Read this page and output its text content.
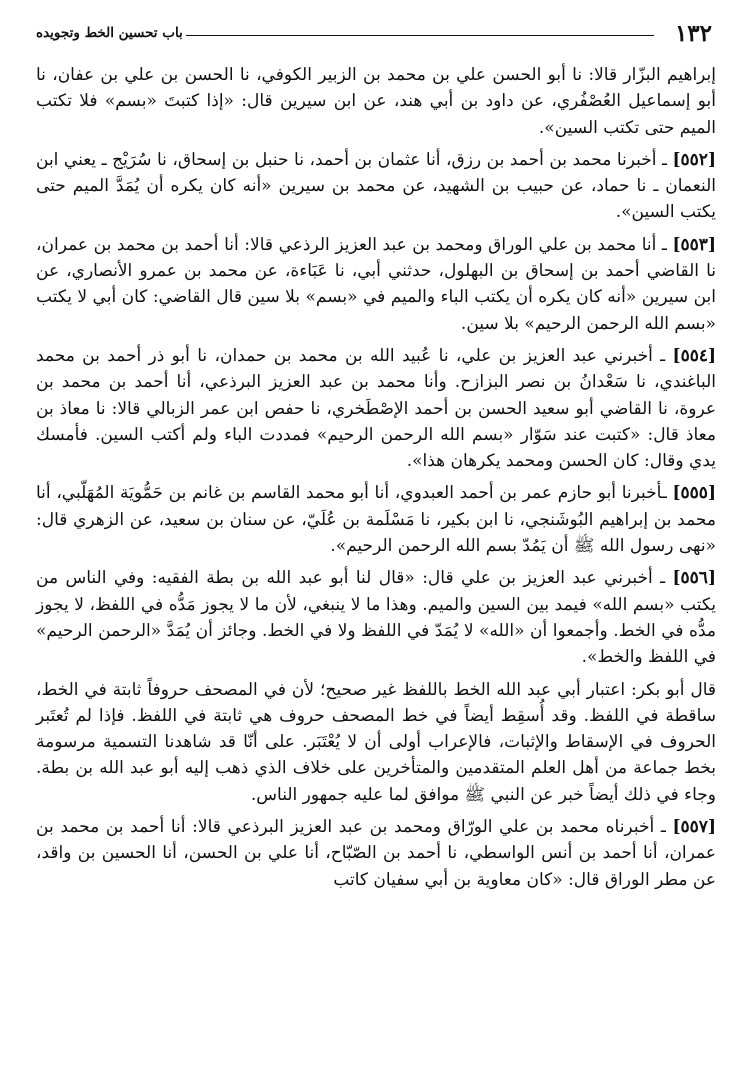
١٣٢
باب تحسين الخط وتجويده

إبراهيم البزّار قالا: نا أبو الحسن علي بن محمد بن الزبير الكوفي، نا الحسن بن علي بن عفان، نا أبو إسماعيل العُصْفُري، عن داود بن أبي هند، عن ابن سيرين قال: «إذا كتبتَ «بسم» فلا تكتب الميم حتى تكتب السين».

[٥٥٢] ـ أخبرنا محمد بن أحمد بن رزق، أنا عثمان بن أحمد، نا حنبل بن إسحاق، نا سُرَيْج ـ يعني ابن النعمان ـ نا حماد، عن حبيب بن الشهيد، عن محمد بن سيرين «أنه كان يكره أن يُمَدَّ الميم حتى يكتب السين».

[٥٥٣] ـ أنا محمد بن علي الوراق ومحمد بن عبد العزيز الرذعي قالا: أنا أحمد بن محمد بن عمران، نا القاضي أحمد بن إسحاق بن البهلول، حدثني أبي، نا عَبَاءة، عن محمد بن عمرو الأنصاري، عن ابن سيرين «أنه كان يكره أن يكتب الباء والميم في «بسم» بلا سين قال القاضي: كان أبي لا يكتب «بسم الله الرحمن الرحيم» بلا سين.

[٥٥٤] ـ أخبرني عبد العزيز بن علي، نا عُبيد الله بن محمد بن حمدان، نا أبو ذر أحمد بن محمد الباغندي، نا سَعْدانُ بن نصر البزازح. وأنا محمد بن عبد العزيز البرذعي، أنا أحمد بن محمد بن عروة، نا القاضي أبو سعيد الحسن بن أحمد الإصْطَخري، نا حفص ابن عمر الزبالي قالا: نا معاذ بن معاذ قال: «كتبت عند سَوّار «بسم الله الرحمن الرحيم» فمددت الباء ولم أكتب السين. فأمسك يدي وقال: كان الحسن ومحمد يكرهان هذا».

[٥٥٥] ـأخبرنا أبو حازم عمر بن أحمد العبدوي، أنا أبو محمد القاسم بن غانم بن حَمُّويَة المُهَلّبي، أنا محمد بن إبراهيم البُوشَنجي، نا ابن بكير، نا مَسْلَمة بن عُلَيّ، عن سنان بن سعيد، عن الزهري قال: «نهى رسول الله ﷺ أن يَمُدّ بسم الله الرحمن الرحيم».

[٥٥٦] ـ أخبرني عبد العزيز بن علي قال: «قال لنا أبو عبد الله بن بطة الفقيه: وفي الناس من يكتب «بسم الله» فيمد بين السين والميم. وهذا ما لا ينبغي، لأن ما لا يجوز مَدُّه في اللفظ، لا يجوز مدُّه في الخط. وأجمعوا أن «الله» لا يُمَدّ في اللفظ ولا في الخط. وجائز أن يُمَدَّ «الرحمن الرحيم» في اللفظ والخط».

قال أبو بكر: اعتبار أبي عبد الله الخط باللفظ غير صحيح؛ لأن في المصحف حروفاً ثابتة في الخط، ساقطة في اللفظ. وقد أُسقِط أيضاً في خط المصحف حروف هي ثابتة في اللفظ. فإذا لم تُعتَبر الحروف في الإسقاط والإثبات، فالإعراب أولى أن لا يُعْتَبَر. على أنّا قد شاهدنا التسمية مرسومة بخط جماعة من أهل العلم المتقدمين والمتأخرين على خلاف الذي ذهب إليه أبو عبد الله بن بطة. وجاء في ذلك أيضاً خبر عن النبي ﷺ موافق لما عليه جمهور الناس.

[٥٥٧] ـ أخبرناه محمد بن علي الورّاق ومحمد بن عبد العزيز البرذعي قالا: أنا أحمد بن محمد بن عمران، أنا أحمد بن أنس الواسطي، نا أحمد بن الصّبّاح، أنا علي بن الحسن، أنا الحسين بن واقد، عن مطر الوراق قال: «كان معاوية بن أبي سفيان كاتب
